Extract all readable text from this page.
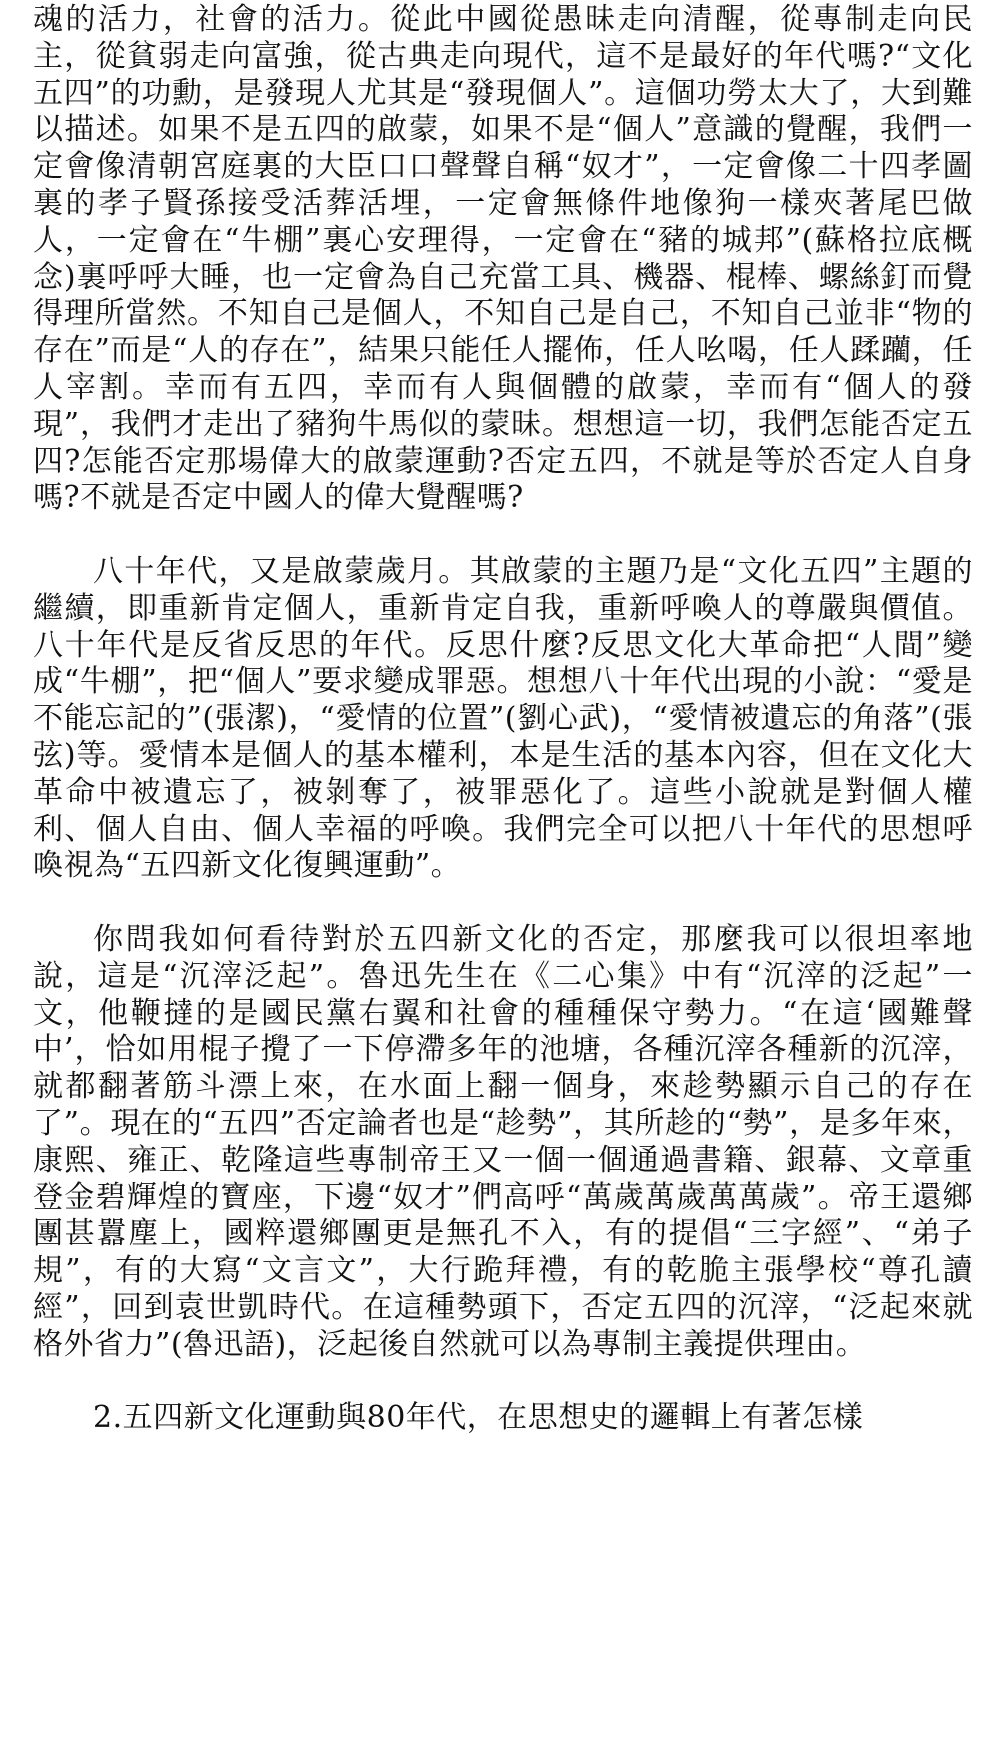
魂的活力，社會的活力。從此中國從愚昧走向清醒，從專制走向民主，從貧弱走向富強，從古典走向現代，這不是最好的年代嗎?“文化五四”的功勳，是發現人尤其是“發現個人”。這個功勞太大了，大到難以描述。如果不是五四的啟蒙，如果不是“個人”意識的覺醒，我們一定會像清朝宮庭裏的大臣口口聲聲自稱“奴才”，一定會像二十四孝圖裏的孝子賢孫接受活葬活埋，一定會無條件地像狗一樣夾著尾巴做人，一定會在“牛棚”裏心安理得，一定會在“豬的城邦”(蘇格拉底概念)裏呼呼大睡，也一定會為自己充當工具、機器、棍棒、螺絲釘而覺得理所當然。不知自己是個人，不知自己是自己，不知自己並非“物的存在”而是“人的存在”，結果只能任人擺佈，任人吆喝，任人蹂躪，任人宰割。幸而有五四，幸而有人與個體的啟蒙，幸而有“個人的發現”，我們才走出了豬狗牛馬似的蒙昧。想想這一切，我們怎能否定五四?怎能否定那場偉大的啟蒙運動?否定五四，不就是等於否定人自身嗎?不就是否定中國人的偉大覺醒嗎?

八十年代，又是啟蒙歲月。其啟蒙的主題乃是“文化五四”主題的繼續，即重新肯定個人，重新肯定自我，重新呼喚人的尊嚴與價值。八十年代是反省反思的年代。反思什麼?反思文化大革命把“人間”變成“牛棚”，把“個人”要求變成罪惡。想想八十年代出現的小說：“愛是不能忘記的”(張潔)，“愛情的位置”(劉心武)，“愛情被遺忘的角落”(張弦)等。愛情本是個人的基本權利，本是生活的基本內容，但在文化大革命中被遺忘了，被剝奪了，被罪惡化了。這些小說就是對個人權利、個人自由、個人幸福的呼喚。我們完全可以把八十年代的思想呼喚視為“五四新文化復興運動”。

你問我如何看待對於五四新文化的否定，那麼我可以很坦率地說，這是“沉滓泛起”。魯迅先生在《二心集》中有“沉滓的泛起”一文，他鞭撻的是國民黨右翼和社會的種種保守勢力。“在這‘國難聲中’，恰如用棍子攪了一下停滯多年的池塘，各種沉滓各種新的沉滓，就都翻著筋斗漂上來，在水面上翻一個身，來趁勢顯示自己的存在了”。現在的“五四”否定論者也是“趁勢”，其所趁的“勢”，是多年來，康熙、雍正、乾隆這些專制帝王又一個一個通過書籍、銀幕、文章重登金碧輝煌的寶座，下邊“奴才”們高呼“萬歲萬歲萬萬歲”。帝王還鄉團甚囂塵上，國粹還鄉團更是無孔不入，有的提倡“三字經”、“弟子規”，有的大寫“文言文”，大行跪拜禮，有的乾脆主張學校“尊孔讀經”，回到袁世凱時代。在這種勢頭下，否定五四的沉滓，“泛起來就格外省力”(魯迅語)，泛起後自然就可以為專制主義提供理由。

2.五四新文化運動與80年代，在思想史的邏輯上有著怎樣
